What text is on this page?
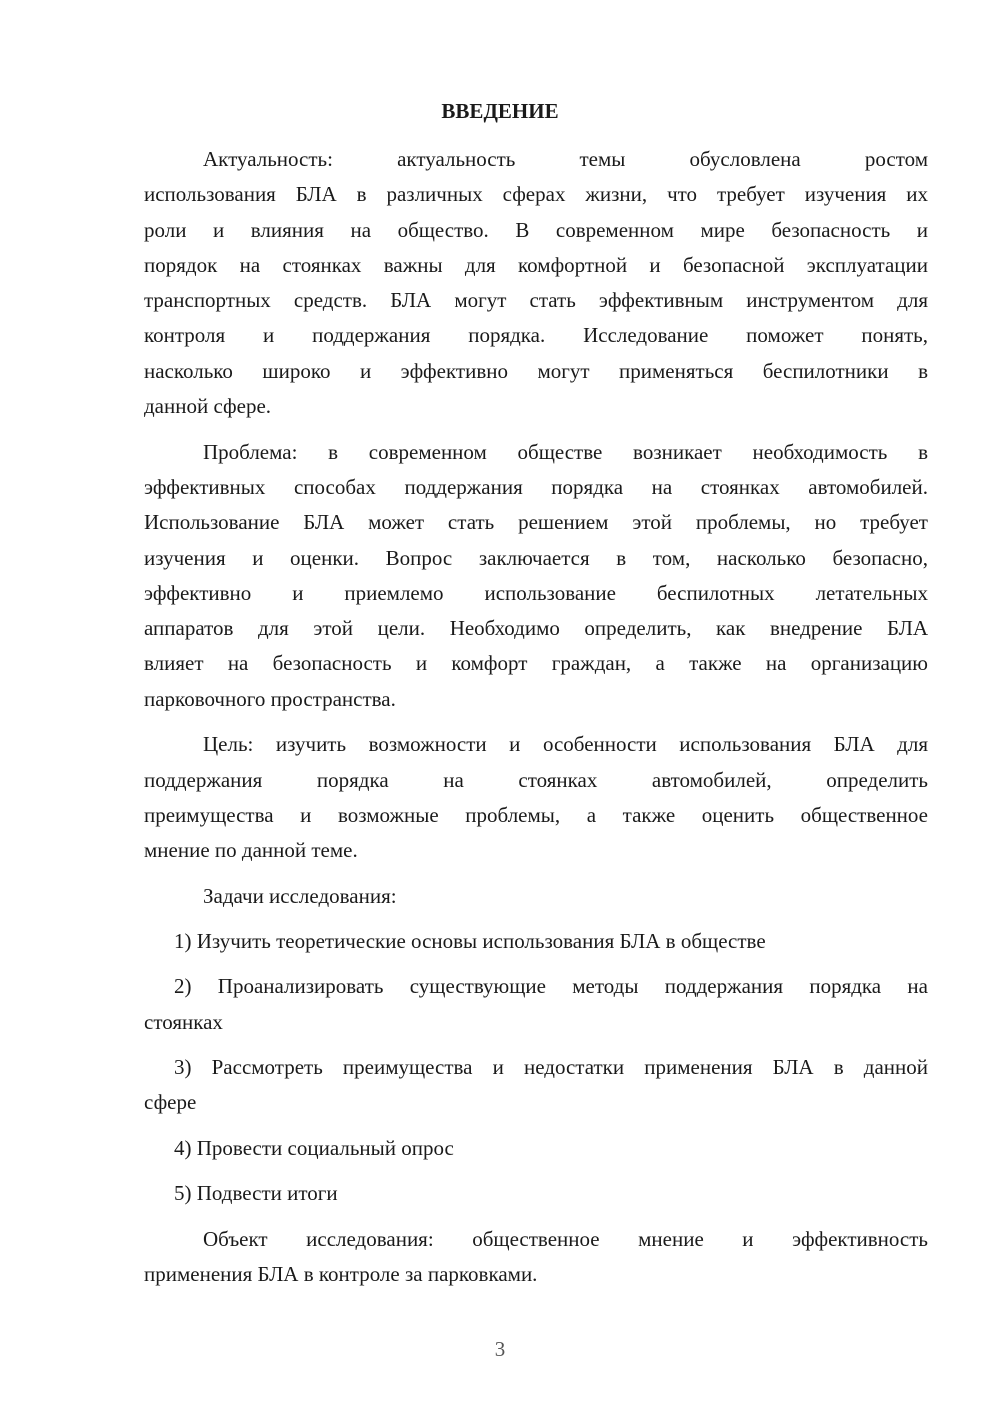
ВВЕДЕНИЕ
Актуальность: актуальность темы обусловлена ростом
использования БЛА в различных сферах жизни, что требует изучения их
роли и влияния на общество. В современном мире безопасность и
порядок на стоянках важны для комфортной и безопасной эксплуатации
транспортных средств. БЛА могут стать эффективным инструментом для
контроля и поддержания порядка. Исследование поможет понять,
насколько широко и эффективно могут применяться беспилотники в
данной сфере.
Проблема: в современном обществе возникает необходимость в
эффективных способах поддержания порядка на стоянках автомобилей.
Использование БЛА может стать решением этой проблемы, но требует
изучения и оценки. Вопрос заключается в том, насколько безопасно,
эффективно и приемлемо использование беспилотных летательных
аппаратов для этой цели. Необходимо определить, как внедрение БЛА
влияет на безопасность и комфорт граждан, а также на организацию
парковочного пространства.
Цель: изучить возможности и особенности использования БЛА для
поддержания порядка на стоянках автомобилей, определить
преимущества и возможные проблемы, а также оценить общественное
мнение по данной теме.
Задачи исследования:
1) Изучить теоретические основы использования БЛА в обществе
2) Проанализировать существующие методы поддержания порядка на
стоянках
3) Рассмотреть преимущества и недостатки применения БЛА в данной
сфере
4) Провести социальный опрос
5) Подвести итоги
Объект исследования: общественное мнение и эффективность
применения БЛА в контроле за парковками.
3
